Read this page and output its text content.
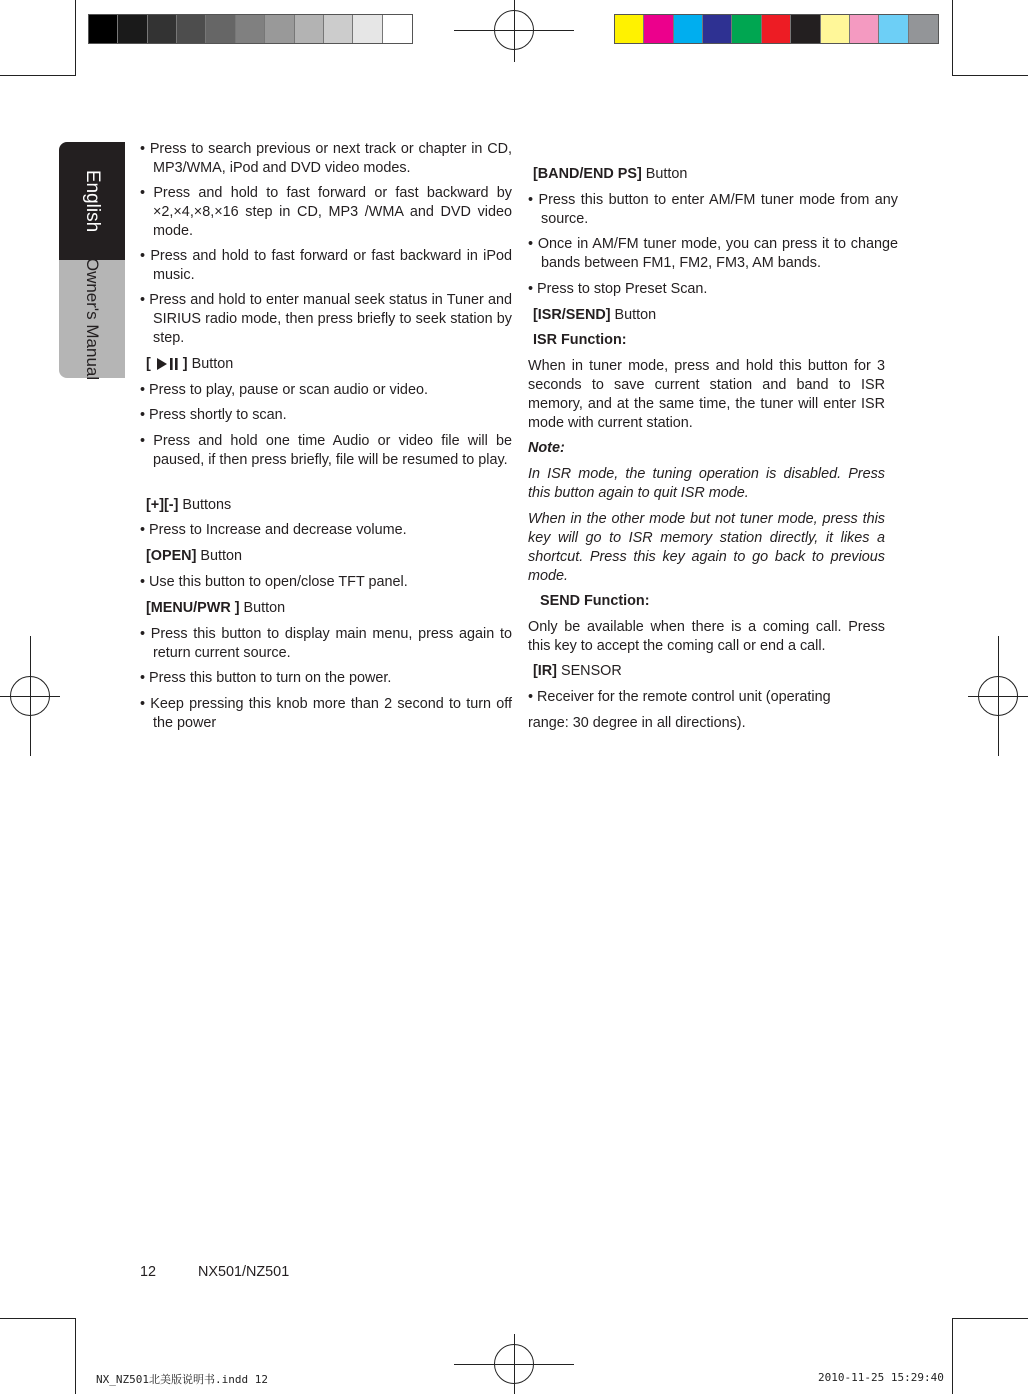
English
Owner's Manual

• Press to search previous or next track or chapter in CD, MP3/WMA, iPod and DVD video modes.

• Press and hold to fast forward or fast backward by ×2,×4,×8,×16 step in CD, MP3 /WMA and DVD video mode.

• Press and hold to fast forward or fast backward in iPod music.

• Press and hold to enter manual seek status in Tuner and SIRIUS radio mode, then press briefly to seek station by step.

[ ] Button

• Press to play, pause or scan audio or video.

• Press shortly to scan.

• Press and hold one time Audio or video file will be paused, if then press briefly, file will be resumed to play.

[+][-] Buttons

• Press to Increase and decrease volume.

[OPEN] Button

• Use this button to open/close TFT panel.

[MENU/PWR ] Button

• Press this button to display main menu, press again to return current source.

• Press this button to turn on the power.

• Keep pressing this knob more than 2 second to turn off the power

[BAND/END PS] Button

• Press this button to enter AM/FM tuner mode from any source.

• Once in AM/FM tuner mode, you can press it to change bands between FM1, FM2, FM3, AM bands.

• Press to stop Preset Scan.

[ISR/SEND] Button

ISR Function:

When in tuner mode, press and hold this button for 3 seconds to save current station and band to ISR memory, and at the same time, the tuner will enter ISR mode with current station.

Note:

In ISR mode, the tuning operation is disabled. Press this button again to quit ISR mode.

When in the other mode but not tuner mode, press this key will go to ISR memory station directly, it likes a shortcut. Press this key again to go back to previous mode.

SEND Function:

Only be available when there is a coming call. Press this key to accept the coming call or end a call.

[IR] SENSOR

• Receiver for the remote control unit (operating

range: 30 degree in all directions).

12	NX501/NZ501
NX_NZ501北美版说明书.indd 12	2010-11-25 15:29:40
